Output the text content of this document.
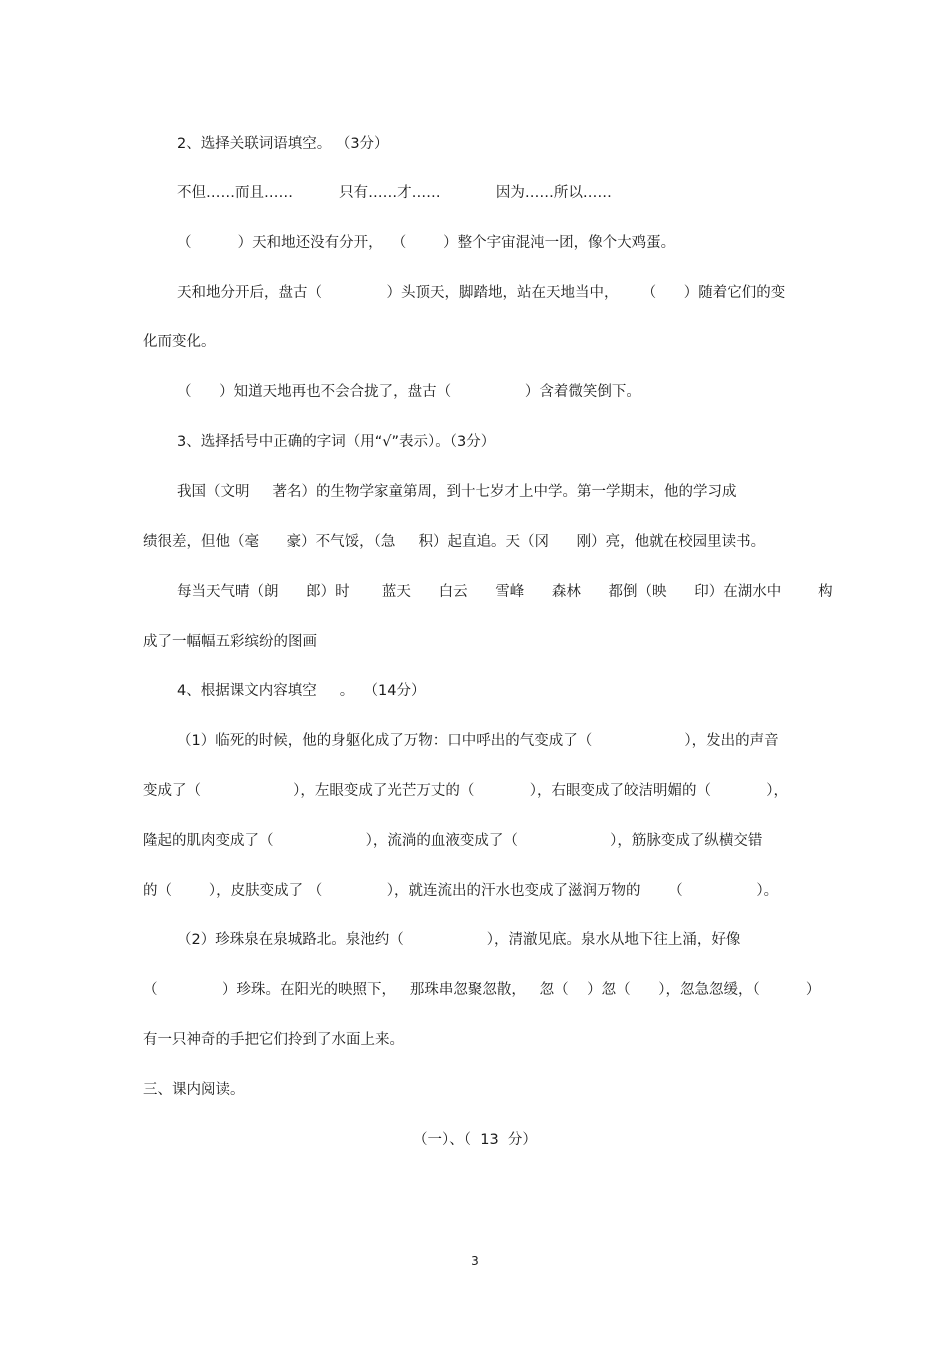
2、选择关联词语填空。 （3分）
不但……而且……          只有……才……            因为……所以……
（          ）天和地还没有分开，  （        ）整个宇宙混沌一团，像个大鸡蛋。
天和地分开后，盘古（              ）头顶天，脚踏地，站在天地当中，     （      ）随着它们的变
化而变化。
（      ）知道天地再也不会合拢了，盘古（                ）含着微笑倒下。
3、选择括号中正确的字词（用“√”表示）。（3分）
我国（文明     著名）的生物学家童第周，到十七岁才上中学。第一学期末，他的学习成
绩很差，但他（毫      豪）不气馁，（急     积）起直追。天（冈      刚）亮，他就在校园里读书。
每当天气晴（朗      郎）时       蓝天      白云      雪峰      森林      都倒（映      印）在湖水中        构
成了一幅幅五彩缤纷的图画
4、根据课文内容填空     。  （14分）
（1）临死的时候，他的身躯化成了万物：口中呼出的气变成了（                    ），发出的声音
变成了（                    ），左眼变成了光芒万丈的（            ），右眼变成了皎洁明媚的（            ），
隆起的肌肉变成了（                    ），流淌的血液变成了（                    ），筋脉变成了纵横交错
的（        ），皮肤变成了 （              ），就连流出的汗水也变成了滋润万物的      （                ）。
（2）珍珠泉在泉城路北。泉池约（                  ），清澈见底。泉水从地下往上涌，好像
（              ）珍珠。在阳光的映照下，   那珠串忽聚忽散，   忽（    ）忽（      ），忽急忽缓，（          ）
有一只神奇的手把它们拎到了水面上来。
三、课内阅读。
（一）、（  13  分）
3
